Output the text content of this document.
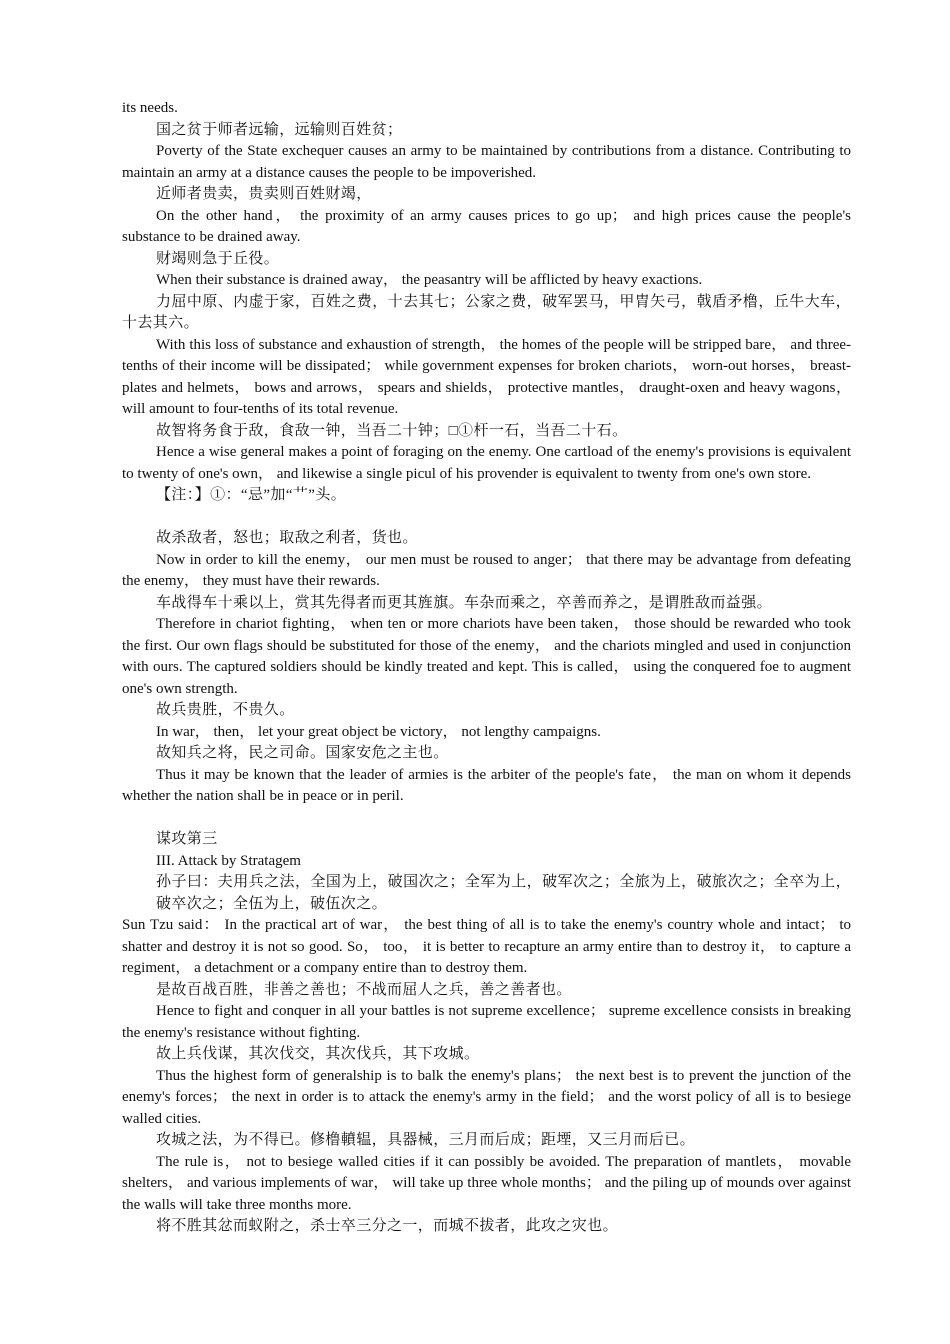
its needs.

国之贫于师者远输，远输则百姓贫；

Poverty of the State exchequer causes an army to be maintained by contributions from a distance. Contributing to maintain an army at a distance causes the people to be impoverished.

近师者贵卖，贵卖则百姓财竭，

On the other hand， the proximity of an army causes prices to go up； and high prices cause the people's substance to be drained away.

财竭则急于丘役。

When their substance is drained away， the peasantry will be afflicted by heavy exactions.

力屈中原、内虚于家，百姓之费，十去其七；公家之费，破军罢马，甲胄矢弓，戟盾矛橹，丘牛大车，十去其六。

With this loss of substance and exhaustion of strength， the homes of the people will be stripped bare， and three-tenths of their income will be dissipated； while government expenses for broken chariots， worn-out horses， breast-plates and helmets， bows and arrows， spears and shields， protective mantles， draught-oxen and heavy wagons， will amount to four-tenths of its total revenue.

故智将务食于敌，食敌一钟，当吾二十钟；□①杆一石，当吾二十石。

Hence a wise general makes a point of foraging on the enemy. One cartload of the enemy's provisions is equivalent to twenty of one's own， and likewise a single picul of his provender is equivalent to twenty from one's own store.

【注：】①：“忌”加“艹”头。

故杀敌者，怒也；取敌之利者，货也。

Now in order to kill the enemy， our men must be roused to anger； that there may be advantage from defeating the enemy， they must have their rewards.

车战得车十乘以上，赏其先得者而更其旌旗。车杂而乘之，卒善而养之，是谓胜敌而益强。

Therefore in chariot fighting， when ten or more chariots have been taken， those should be rewarded who took the first. Our own flags should be substituted for those of the enemy， and the chariots mingled and used in conjunction with ours. The captured soldiers should be kindly treated and kept. This is called， using the conquered foe to augment one's own strength.

故兵贵胜，不贵久。

In war， then， let your great object be victory， not lengthy campaigns.

故知兵之将，民之司命。国家安危之主也。

Thus it may be known that the leader of armies is the arbiter of the people's fate， the man on whom it depends whether the nation shall be in peace or in peril.

谋攻第三

III. Attack by Stratagem

孙子曰：夫用兵之法，全国为上，破国次之；全军为上，破军次之；全旅为上，破旅次之；全卒为上，破卒次之；全伍为上，破伍次之。

Sun Tzu said： In the practical art of war， the best thing of all is to take the enemy's country whole and intact； to shatter and destroy it is not so good. So， too， it is better to recapture an army entire than to destroy it， to capture a regiment， a detachment or a company entire than to destroy them.

是故百战百胜，非善之善也；不战而屈人之兵，善之善者也。

Hence to fight and conquer in all your battles is not supreme excellence； supreme excellence consists in breaking the enemy's resistance without fighting.

故上兵伐谋，其次伐交，其次伐兵，其下攻城。

Thus the highest form of generalship is to balk the enemy's plans； the next best is to prevent the junction of the enemy's forces； the next in order is to attack the enemy's army in the field； and the worst policy of all is to besiege walled cities.

攻城之法，为不得已。修橹轒辒，具器械，三月而后成；距堙，又三月而后已。

The rule is， not to besiege walled cities if it can possibly be avoided. The preparation of mantlets， movable shelters， and various implements of war， will take up three whole months； and the piling up of mounds over against the walls will take three months more.

将不胜其忿而蚁附之，杀士卒三分之一，而城不拔者，此攻之灾也。
